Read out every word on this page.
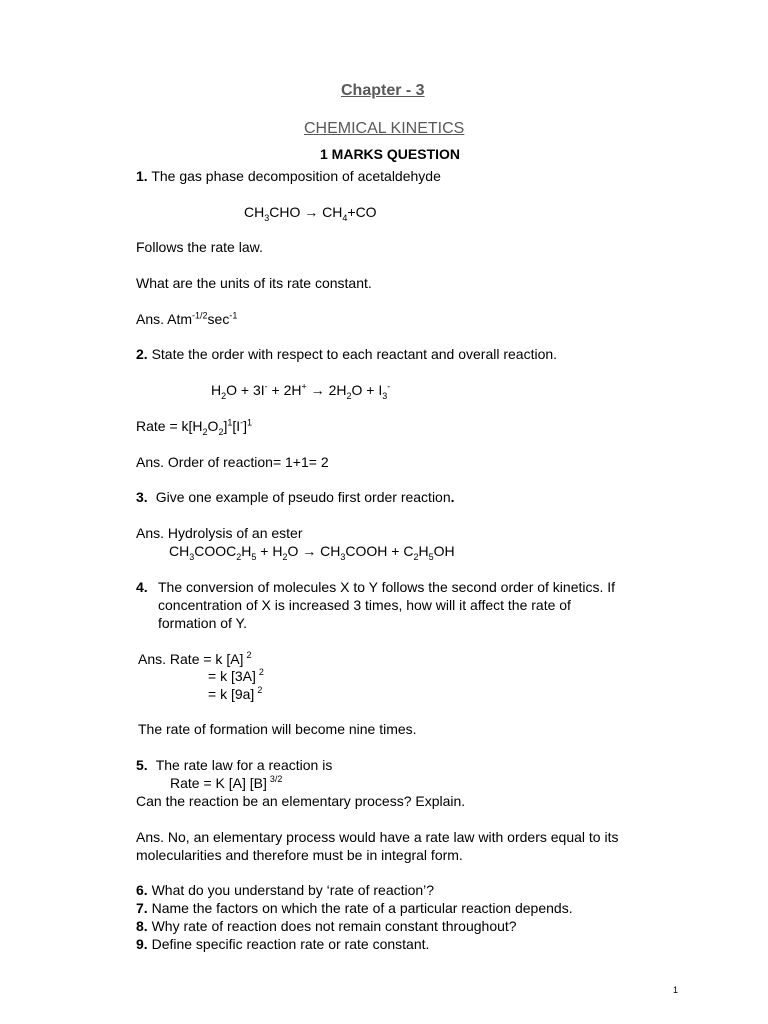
Chapter - 3
CHEMICAL KINETICS
1 MARKS QUESTION
1. The gas phase decomposition of acetaldehyde
$CH_3CHO \to CH_4+CO$
Follows the rate law.
What are the units of its rate constant.
Ans. $Atm^{-1/2}\sec^{-1}$
2. State the order with respect to each reactant and overall reaction.
$H_2O + 3I^- + 2H^+ \to 2H_2O + I_3^-$
Rate = $k[H_2O_2]^1[I^-]^1$
Ans. Order of reaction= 1+1= 2
3. Give one example of pseudo first order reaction.
Ans. Hydrolysis of an ester
$CH_3COOC_2H_5 + H_2O$ → $CH_3COOH + C_2H_5OH$
4. The conversion of molecules X to Y follows the second order of kinetics. If
concentration of X is increased 3 times, how will it affect the rate of
formation of Y.
Ans. Rate = k [A] $^2$
= k [3A] $^2$
= k [9a] $^2$
The rate of formation will become nine times.
5. The rate law for a reaction is
Rate = K [A] [B] $^{3/2}$
Can the reaction be an elementary process? Explain.
Ans. No, an elementary process would have a rate law with orders equal to its
molecularities and therefore must be in integral form.
6. What do you understand by ‘rate of reaction’?
7. Name the factors on which the rate of a particular reaction depends.
8. Why rate of reaction does not remain constant throughout?
9. Define specific reaction rate or rate constant.
1
